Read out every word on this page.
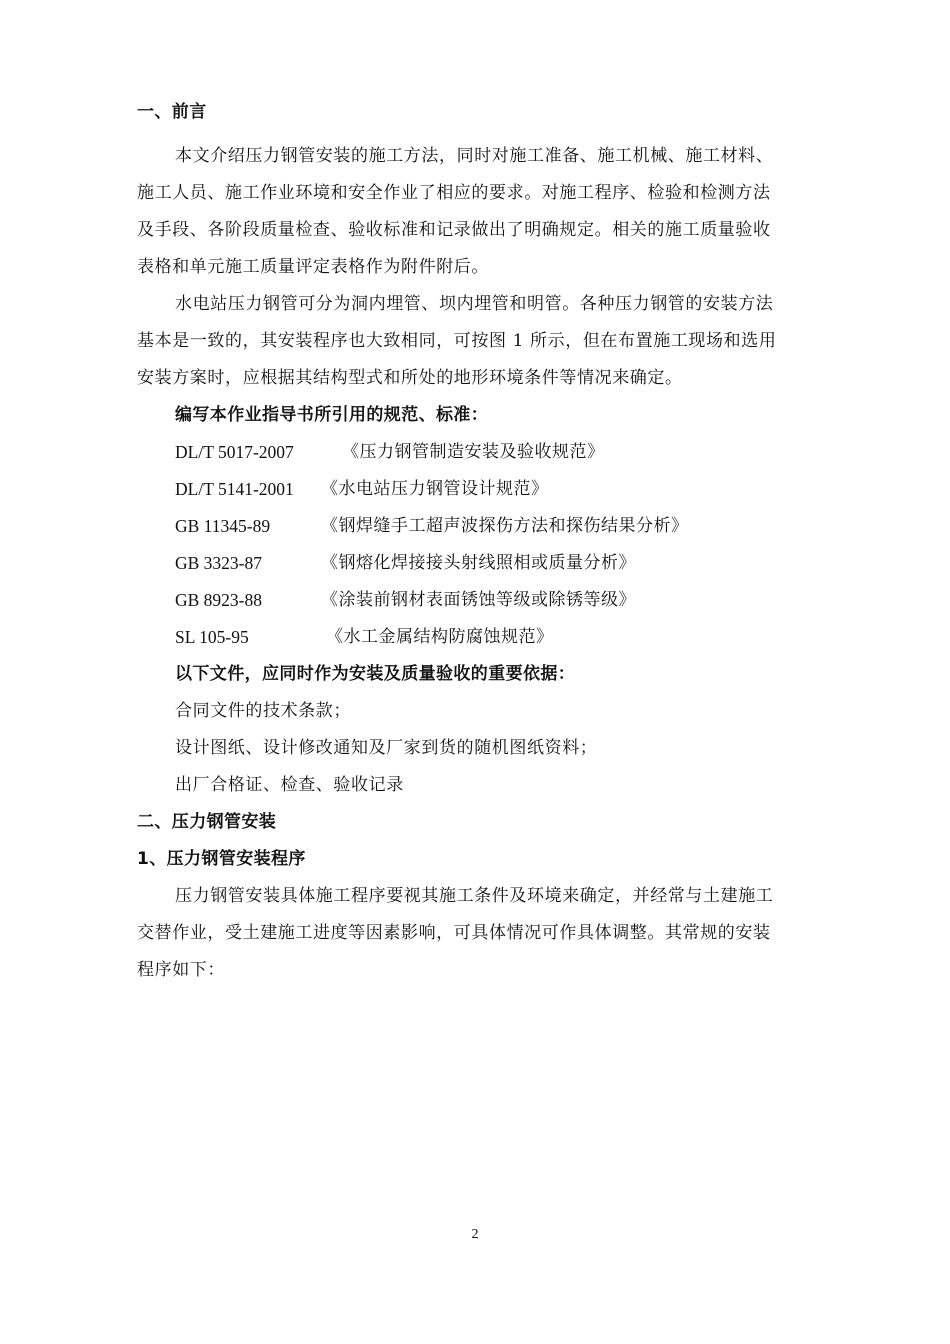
一、前言
本文介绍压力钢管安装的施工方法，同时对施工准备、施工机械、施工材料、
施工人员、施工作业环境和安全作业了相应的要求。对施工程序、检验和检测方法
及手段、各阶段质量检查、验收标准和记录做出了明确规定。相关的施工质量验收
表格和单元施工质量评定表格作为附件附后。
水电站压力钢管可分为洞内埋管、坝内埋管和明管。各种压力钢管的安装方法
基本是一致的，其安装程序也大致相同，可按图 1 所示，但在布置施工现场和选用
安装方案时，应根据其结构型式和所处的地形环境条件等情况来确定。
编写本作业指导书所引用的规范、标准：
DL/T 5017-2007	《压力钢管制造安装及验收规范》
DL/T 5141-2001 《水电站压力钢管设计规范》
GB 11345-89	《钢焊缝手工超声波探伤方法和探伤结果分析》
GB 3323-87	《钢熔化焊接接头射线照相或质量分析》
GB 8923-88	《涂装前钢材表面锈蚀等级或除锈等级》
SL 105-95	《水工金属结构防腐蚀规范》
以下文件，应同时作为安装及质量验收的重要依据：
合同文件的技术条款；
设计图纸、设计修改通知及厂家到货的随机图纸资料；
出厂合格证、检查、验收记录
二、压力钢管安装
1、压力钢管安装程序
压力钢管安装具体施工程序要视其施工条件及环境来确定，并经常与土建施工
交替作业，受土建施工进度等因素影响，可具体情况可作具体调整。其常规的安装
程序如下：
2
